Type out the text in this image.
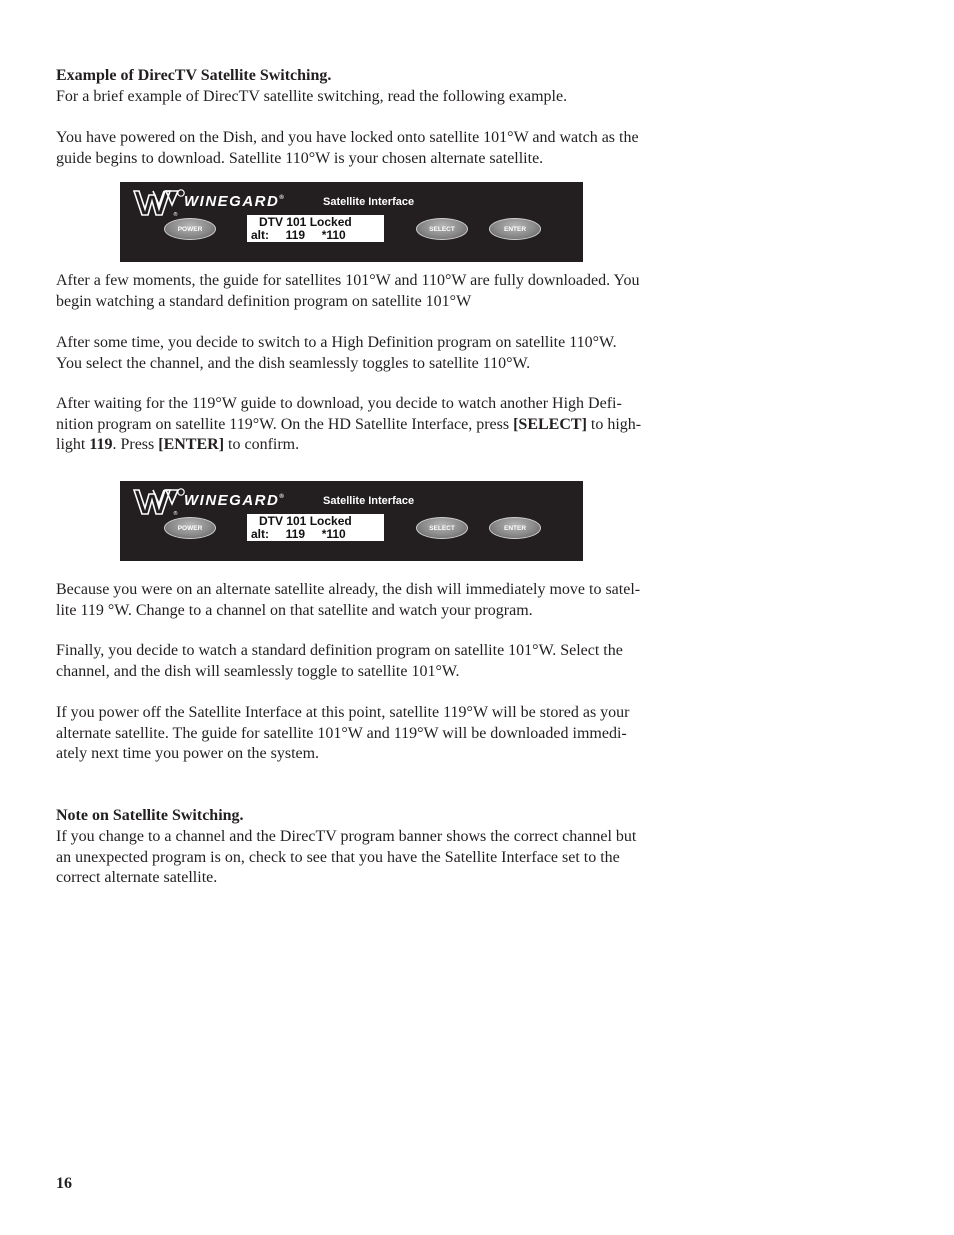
Example of DirecTV Satellite Switching.

For a brief example of DirecTV satellite switching, read the following example.

You have powered on the Dish, and you have locked onto satellite 101°W and watch as the
guide begins to download. Satellite 110°W is your chosen alternate satellite.

®
WINEGARD®	Satellite Interface
POWER	DTV 101 Locked
alt:     119     *110	SELECT	ENTER

After a few moments, the guide for satellites 101°W and 110°W are fully downloaded. You
begin watching a standard definition program on satellite 101°W

After some time, you decide to switch to a High Definition program on satellite 110°W.
You select the channel, and the dish seamlessly toggles to satellite 110°W.

After waiting for the 119°W guide to download, you decide to watch another High Defi-
nition program on satellite 119°W. On the HD Satellite Interface, press [SELECT] to high-
light 119. Press [ENTER] to confirm.

®
WINEGARD®	Satellite Interface
POWER	DTV 101 Locked
alt:     119     *110	SELECT	ENTER

Because you were on an alternate satellite already, the dish will immediately move to satel-
lite 119 °W. Change to a channel on that satellite and watch your program.

Finally, you decide to watch a standard definition program on satellite 101°W. Select the
channel, and the dish will seamlessly toggle to satellite 101°W.

If you power off the Satellite Interface at this point, satellite 119°W will be stored as your
alternate satellite. The guide for satellite 101°W and 119°W will be downloaded immedi-
ately next time you power on the system.

Note on Satellite Switching.

If you change to a channel and the DirecTV program banner shows the correct channel but
an unexpected program is on, check to see that you have the Satellite Interface set to the
correct alternate satellite.

16
